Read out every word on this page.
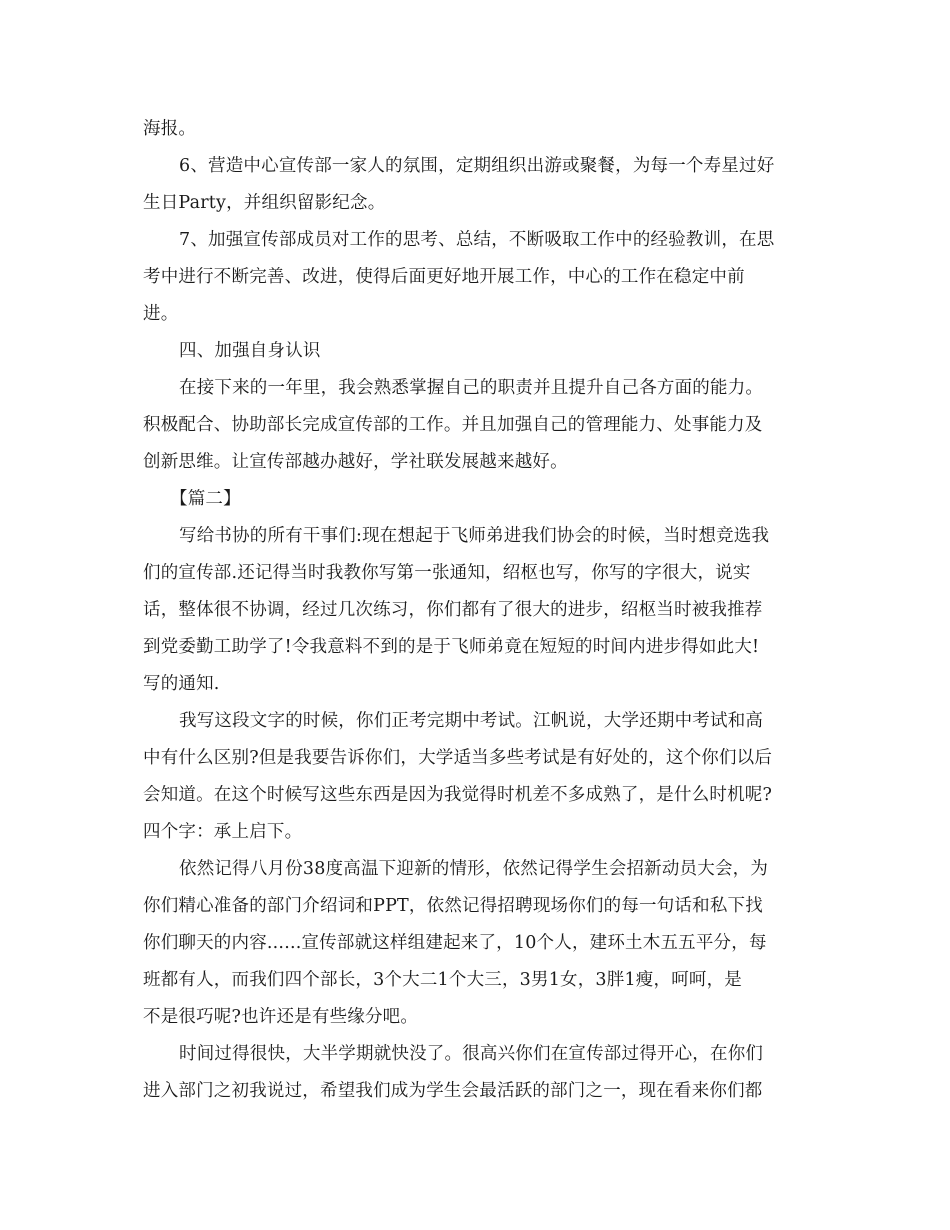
海报。
6、营造中心宣传部一家人的氛围，定期组织出游或聚餐，为每一个寿星过好
生日Party，并组织留影纪念。
7、加强宣传部成员对工作的思考、总结，不断吸取工作中的经验教训，在思
考中进行不断完善、改进，使得后面更好地开展工作，中心的工作在稳定中前
进。
四、加强自身认识
在接下来的一年里，我会熟悉掌握自己的职责并且提升自己各方面的能力。
积极配合、协助部长完成宣传部的工作。并且加强自己的管理能力、处事能力及
创新思维。让宣传部越办越好，学社联发展越来越好。
【篇二】
写给书协的所有干事们:现在想起于飞师弟进我们协会的时候，当时想竞选我
们的宣传部.还记得当时我教你写第一张通知，绍枢也写，你写的字很大，说实
话，整体很不协调，经过几次练习，你们都有了很大的进步，绍枢当时被我推荐
到党委勤工助学了!令我意料不到的是于飞师弟竟在短短的时间内进步得如此大!
写的通知.
我写这段文字的时候，你们正考完期中考试。江帆说，大学还期中考试和高
中有什么区别?但是我要告诉你们，大学适当多些考试是有好处的，这个你们以后
会知道。在这个时候写这些东西是因为我觉得时机差不多成熟了，是什么时机呢?
四个字：承上启下。
依然记得八月份38度高温下迎新的情形，依然记得学生会招新动员大会，为
你们精心准备的部门介绍词和PPT，依然记得招聘现场你们的每一句话和私下找
你们聊天的内容......宣传部就这样组建起来了，10个人，建环土木五五平分，每
班都有人，而我们四个部长，3个大二1个大三，3男1女，3胖1瘦，呵呵，是
不是很巧呢?也许还是有些缘分吧。
时间过得很快，大半学期就快没了。很高兴你们在宣传部过得开心，在你们
进入部门之初我说过，希望我们成为学生会最活跃的部门之一，现在看来你们都
